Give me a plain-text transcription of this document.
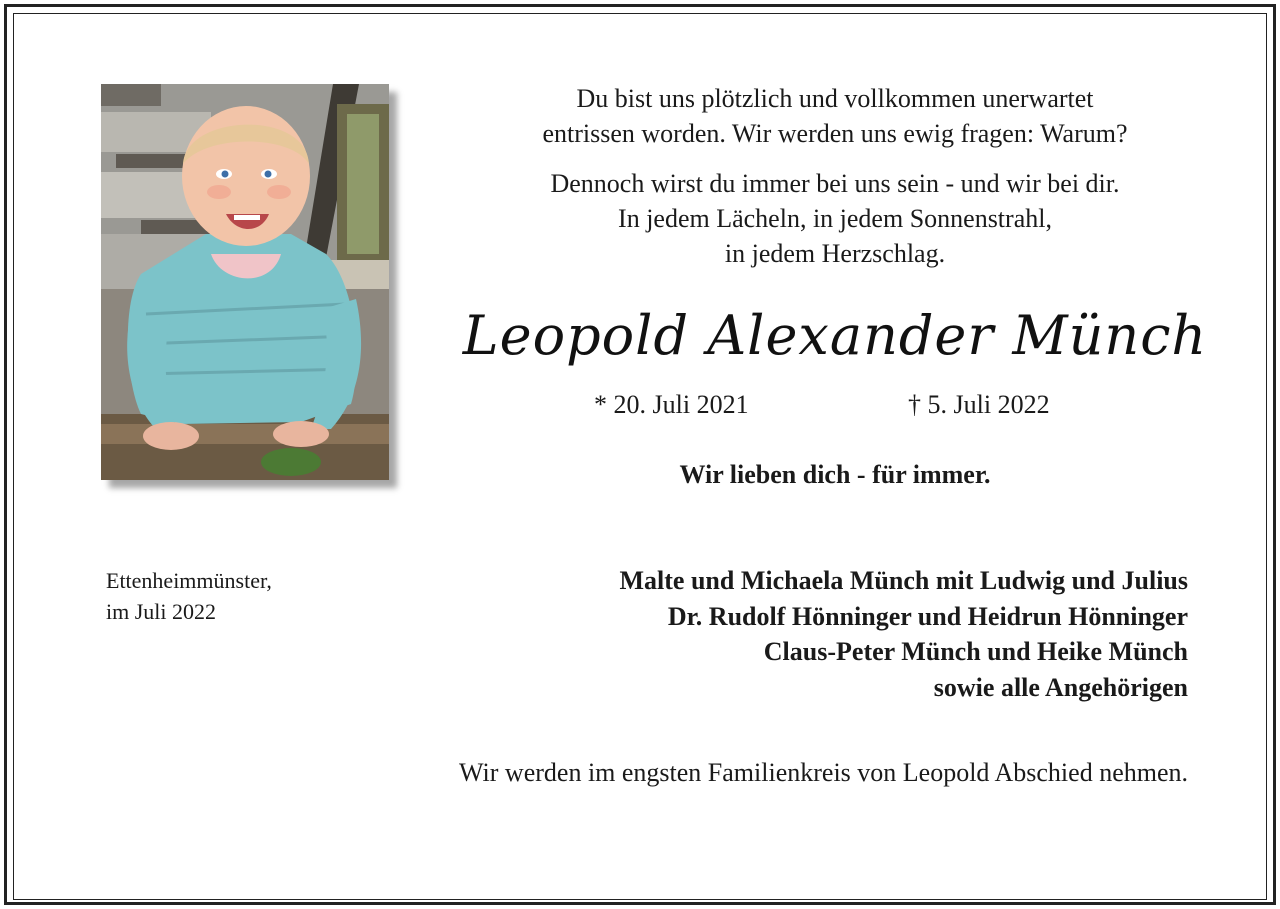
Du bist uns plötzlich und vollkommen unerwartet
entrissen worden. Wir werden uns ewig fragen: Warum?
Dennoch wirst du immer bei uns sein - und wir bei dir.
In jedem Lächeln, in jedem Sonnenstrahl,
in jedem Herzschlag.
Leopold Alexander Münch
* 20. Juli 2021	† 5. Juli 2022
Wir lieben dich - für immer.
Ettenheimmünster,
im Juli 2022
Malte und Michaela Münch mit Ludwig und Julius
Dr. Rudolf Hönninger und Heidrun Hönninger
Claus-Peter Münch und Heike Münch
sowie alle Angehörigen
Wir werden im engsten Familienkreis von Leopold Abschied nehmen.
